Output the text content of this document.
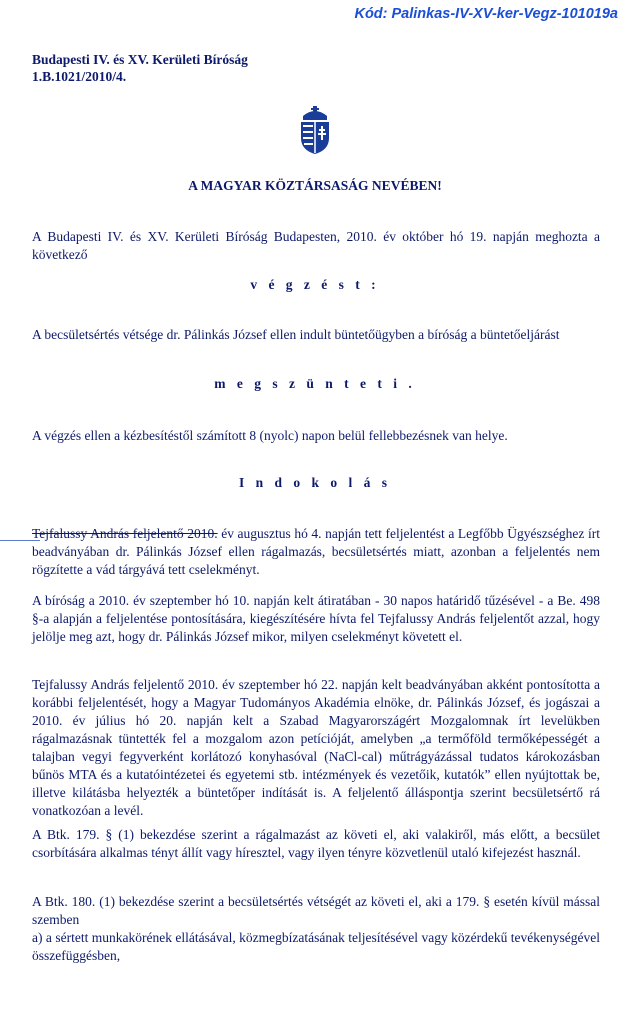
Kód: Palinkas-IV-XV-ker-Vegz-101019a
Budapesti IV. és XV. Kerületi Bíróság
1.B.1021/2010/4.
A MAGYAR KÖZTÁRSASÁG NEVÉBEN!
A Budapesti IV. és XV. Kerületi Bíróság Budapesten, 2010. év október hó 19. napján meghozta a következő
v é g z é s t :
A becsületsértés vétsége dr. Pálinkás József ellen indult büntetőügyben a bíróság a büntetőeljárást
m e g s z ü n t e t i .
A végzés ellen a kézbesítéstől számított 8 (nyolc) napon belül fellebbezésnek van helye.
I n d o k o l á s
Tejfalussy András feljelentő 2010. év augusztus hó 4. napján tett feljelentést a Legfőbb Ügyészséghez írt beadványában dr. Pálinkás József ellen rágalmazás, becsületsértés miatt, azonban a feljelentés nem rögzítette a vád tárgyává tett cselekményt.
A bíróság a 2010. év szeptember hó 10. napján kelt átiratában - 30 napos határidő tűzésével - a Be. 498 §-a alapján a feljelentése pontosítására, kiegészítésére hívta fel Tejfalussy András feljelentőt azzal, hogy jelölje meg azt, hogy dr. Pálinkás József mikor, milyen cselekményt követett el.
Tejfalussy András feljelentő 2010. év szeptember hó 22. napján kelt beadványában akként pontosította a korábbi feljelentését, hogy a Magyar Tudományos Akadémia elnöke, dr. Pálinkás József, és jogászai a 2010. év július hó 20. napján kelt a Szabad Magyarországért Mozgalomnak írt levelükben rágalmazásnak tüntették fel a mozgalom azon petícióját, amelyben „a termőföld termőképességét a talajban vegyi fegyverként korlátozó konyhasóval (NaCl-cal) műtrágyázással tudatos károkozásban bűnös MTA és a kutatóintézetei és egyetemi stb. intézmények és vezetőik, kutatók” ellen nyújtottak be, illetve kilátásba helyezték a büntetőper indítását is. A feljelentő álláspontja szerint becsületsértő rá vonatkozóan a levél.
A Btk. 179. § (1) bekezdése szerint a rágalmazást az követi el, aki valakiről, más előtt, a becsület csorbítására alkalmas tényt állít vagy híresztel, vagy ilyen tényre közvetlenül utaló kifejezést használ.
A Btk. 180. (1) bekezdése szerint a becsületsértés vétségét az követi el, aki a 179. § esetén kívül mással szemben
a) a sértett munkakörének ellátásával, közmegbízatásának teljesítésével vagy közérdekű tevékenységével összefüggésben,
